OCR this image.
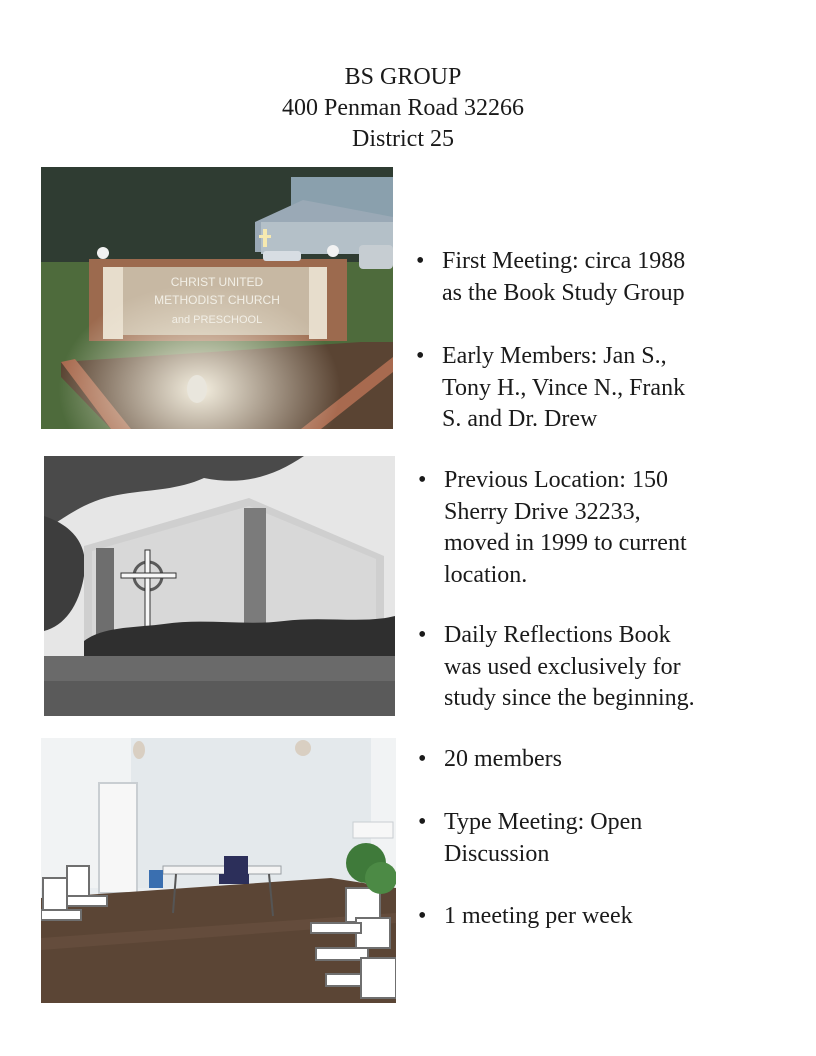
BS GROUP
400 Penman Road 32266
District 25
CHRIST UNITED
METHODIST CHURCH
and PRESCHOOL
• First Meeting: circa 1988
as the Book Study Group
• Early Members: Jan S.,
Tony H., Vince N., Frank
S. and Dr. Drew
• Previous Location: 150
Sherry Drive 32233,
moved in 1999 to current
location.
• Daily Reflections Book
was used exclusively for
study since the beginning.
• 20 members
• Type Meeting: Open
Discussion
• 1 meeting per week
